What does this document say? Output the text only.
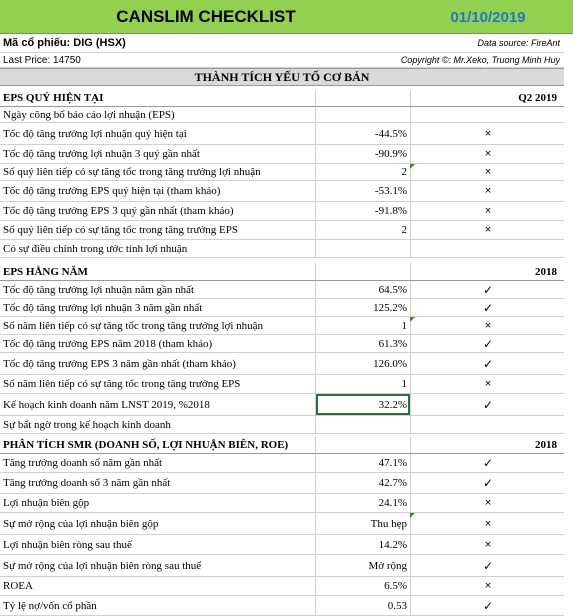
CANSLIM CHECKLIST	01/10/2019
Mã cổ phiếu: DIG (HSX)	Data source: FireAnt
Last Price: 14750	Copyright ©: Mr.Xeko, Truong Minh Huy
THÀNH TÍCH YẾU TỐ CƠ BẢN
EPS QUÝ HIỆN TẠI	Q2 2019
Ngày công bố báo cáo lợi nhuận (EPS)
Tốc độ tăng trưởng lợi nhuận quý hiện tại	-44.5%	×
Tốc độ tăng trưởng lợi nhuận 3 quý gần nhất	-90.9%	×
Số quý liên tiếp có sự tăng tốc trong tăng trưởng lợi nhuận	2	×
Tốc độ tăng trưởng EPS quý hiện tại (tham khảo)	-53.1%	×
Tốc độ tăng trưởng EPS 3 quý gần nhất (tham khảo)	-91.8%	×
Số quý liên tiếp có sự tăng tốc trong tăng trưởng EPS	2	×
Có sự điều chỉnh trong ước tính lợi nhuận
EPS HẰNG NĂM	2018
Tốc độ tăng trưởng lợi nhuận năm gần nhất	64.5%	✓
Tốc độ tăng trưởng lợi nhuận 3 năm gần nhất	125.2%	✓
Số năm liên tiếp có sự tăng tốc trong tăng trưởng lợi nhuận	1	×
Tốc độ tăng trưởng EPS năm 2018 (tham khảo)	61.3%	✓
Tốc độ tăng trưởng EPS 3 năm gần nhất (tham khảo)	126.0%	✓
Số năm liên tiếp có sự tăng tốc trong tăng trưởng EPS	1	×
Kế hoạch kinh doanh năm LNST 2019, %2018	32.2%	✓
Sự bất ngờ trong kế hoạch kinh doanh
PHÂN TÍCH SMR (DOANH SỐ, LỢI NHUẬN BIÊN, ROE)	2018
Tăng trưởng doanh số năm gần nhất	47.1%	✓
Tăng trưởng doanh số 3 năm gần nhất	42.7%	✓
Lợi nhuận biên gộp	24.1%	×
Sự mở rộng của lợi nhuận biên gộp	Thu hẹp	×
Lợi nhuận biên ròng sau thuế	14.2%	×
Sự mở rộng của lợi nhuận biên ròng sau thuế	Mở rộng	✓
ROEA	6.5%	×
Tỷ lệ nợ/vốn cổ phần	0.53	✓
